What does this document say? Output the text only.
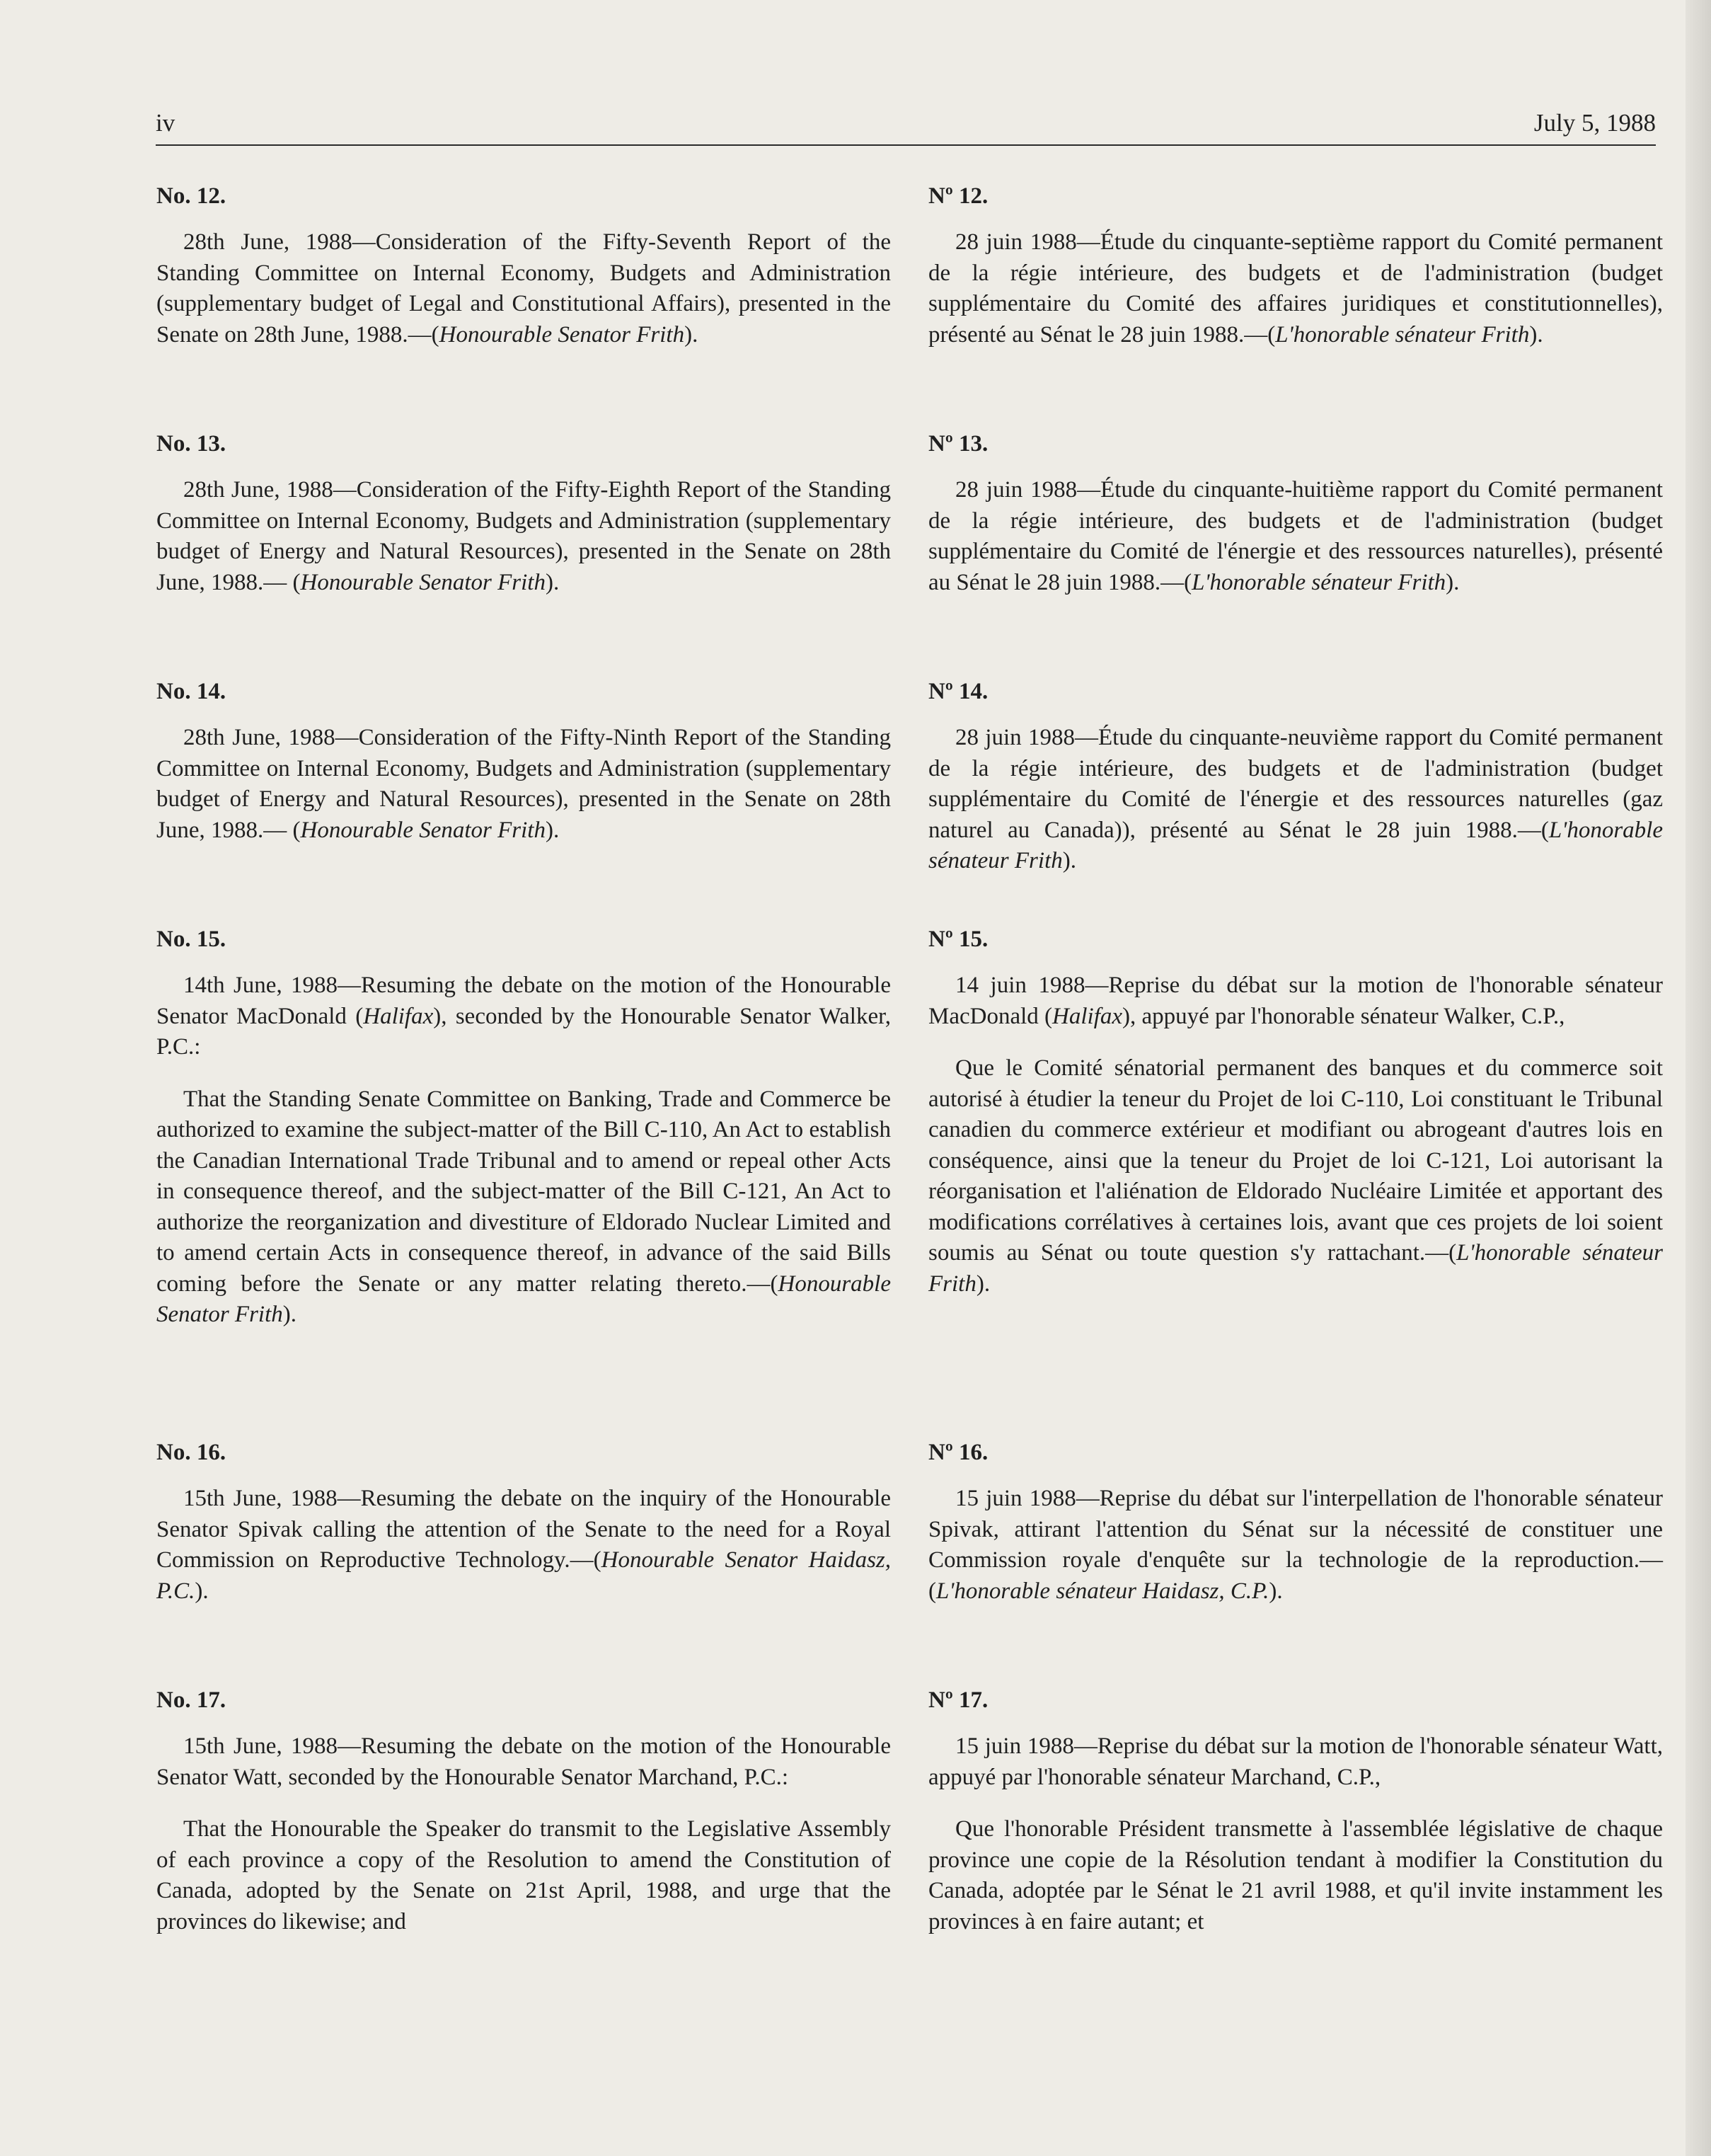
iv	July 5, 1988
No. 12.

28th June, 1988—Consideration of the Fifty-Seventh Report of the Standing Committee on Internal Economy, Budgets and Administration (supplementary budget of Legal and Constitutional Affairs), presented in the Senate on 28th June, 1988.—(Honourable Senator Frith).

No. 13.

28th June, 1988—Consideration of the Fifty-Eighth Report of the Standing Committee on Internal Economy, Budgets and Administration (supplementary budget of Energy and Natural Resources), presented in the Senate on 28th June, 1988.— (Honourable Senator Frith).

No. 14.

28th June, 1988—Consideration of the Fifty-Ninth Report of the Standing Committee on Internal Economy, Budgets and Administration (supplementary budget of Energy and Natural Resources), presented in the Senate on 28th June, 1988.— (Honourable Senator Frith).

No. 15.

14th June, 1988—Resuming the debate on the motion of the Honourable Senator MacDonald (Halifax), seconded by the Honourable Senator Walker, P.C.:

That the Standing Senate Committee on Banking, Trade and Commerce be authorized to examine the subject-matter of the Bill C-110, An Act to establish the Canadian International Trade Tribunal and to amend or repeal other Acts in consequence thereof, and the subject-matter of the Bill C-121, An Act to authorize the reorganization and divestiture of Eldorado Nuclear Limited and to amend certain Acts in consequence thereof, in advance of the said Bills coming before the Senate or any matter relating thereto.—(Honourable Senator Frith).

No. 16.

15th June, 1988—Resuming the debate on the inquiry of the Honourable Senator Spivak calling the attention of the Senate to the need for a Royal Commission on Reproductive Technology.—(Honourable Senator Haidasz, P.C.).

No. 17.

15th June, 1988—Resuming the debate on the motion of the Honourable Senator Watt, seconded by the Honourable Senator Marchand, P.C.:

That the Honourable the Speaker do transmit to the Legislative Assembly of each province a copy of the Resolution to amend the Constitution of Canada, adopted by the Senate on 21st April, 1988, and urge that the provinces do likewise; and

Nº 12.

28 juin 1988—Étude du cinquante-septième rapport du Comité permanent de la régie intérieure, des budgets et de l'administration (budget supplémentaire du Comité des affaires juridiques et constitutionnelles), présenté au Sénat le 28 juin 1988.—(L'honorable sénateur Frith).

Nº 13.

28 juin 1988—Étude du cinquante-huitième rapport du Comité permanent de la régie intérieure, des budgets et de l'administration (budget supplémentaire du Comité de l'énergie et des ressources naturelles), présenté au Sénat le 28 juin 1988.—(L'honorable sénateur Frith).

Nº 14.

28 juin 1988—Étude du cinquante-neuvième rapport du Comité permanent de la régie intérieure, des budgets et de l'administration (budget supplémentaire du Comité de l'énergie et des ressources naturelles (gaz naturel au Canada)), présenté au Sénat le 28 juin 1988.—(L'honorable sénateur Frith).

Nº 15.

14 juin 1988—Reprise du débat sur la motion de l'honorable sénateur MacDonald (Halifax), appuyé par l'honorable sénateur Walker, C.P.,

Que le Comité sénatorial permanent des banques et du commerce soit autorisé à étudier la teneur du Projet de loi C-110, Loi constituant le Tribunal canadien du commerce extérieur et modifiant ou abrogeant d'autres lois en conséquence, ainsi que la teneur du Projet de loi C-121, Loi autorisant la réorganisation et l'aliénation de Eldorado Nucléaire Limitée et apportant des modifications corrélatives à certaines lois, avant que ces projets de loi soient soumis au Sénat ou toute question s'y rattachant.—(L'honorable sénateur Frith).

Nº 16.

15 juin 1988—Reprise du débat sur l'interpellation de l'honorable sénateur Spivak, attirant l'attention du Sénat sur la nécessité de constituer une Commission royale d'enquête sur la technologie de la reproduction.—(L'honorable sénateur Haidasz, C.P.).

Nº 17.

15 juin 1988—Reprise du débat sur la motion de l'honorable sénateur Watt, appuyé par l'honorable sénateur Marchand, C.P.,

Que l'honorable Président transmette à l'assemblée législative de chaque province une copie de la Résolution tendant à modifier la Constitution du Canada, adoptée par le Sénat le 21 avril 1988, et qu'il invite instamment les provinces à en faire autant; et
